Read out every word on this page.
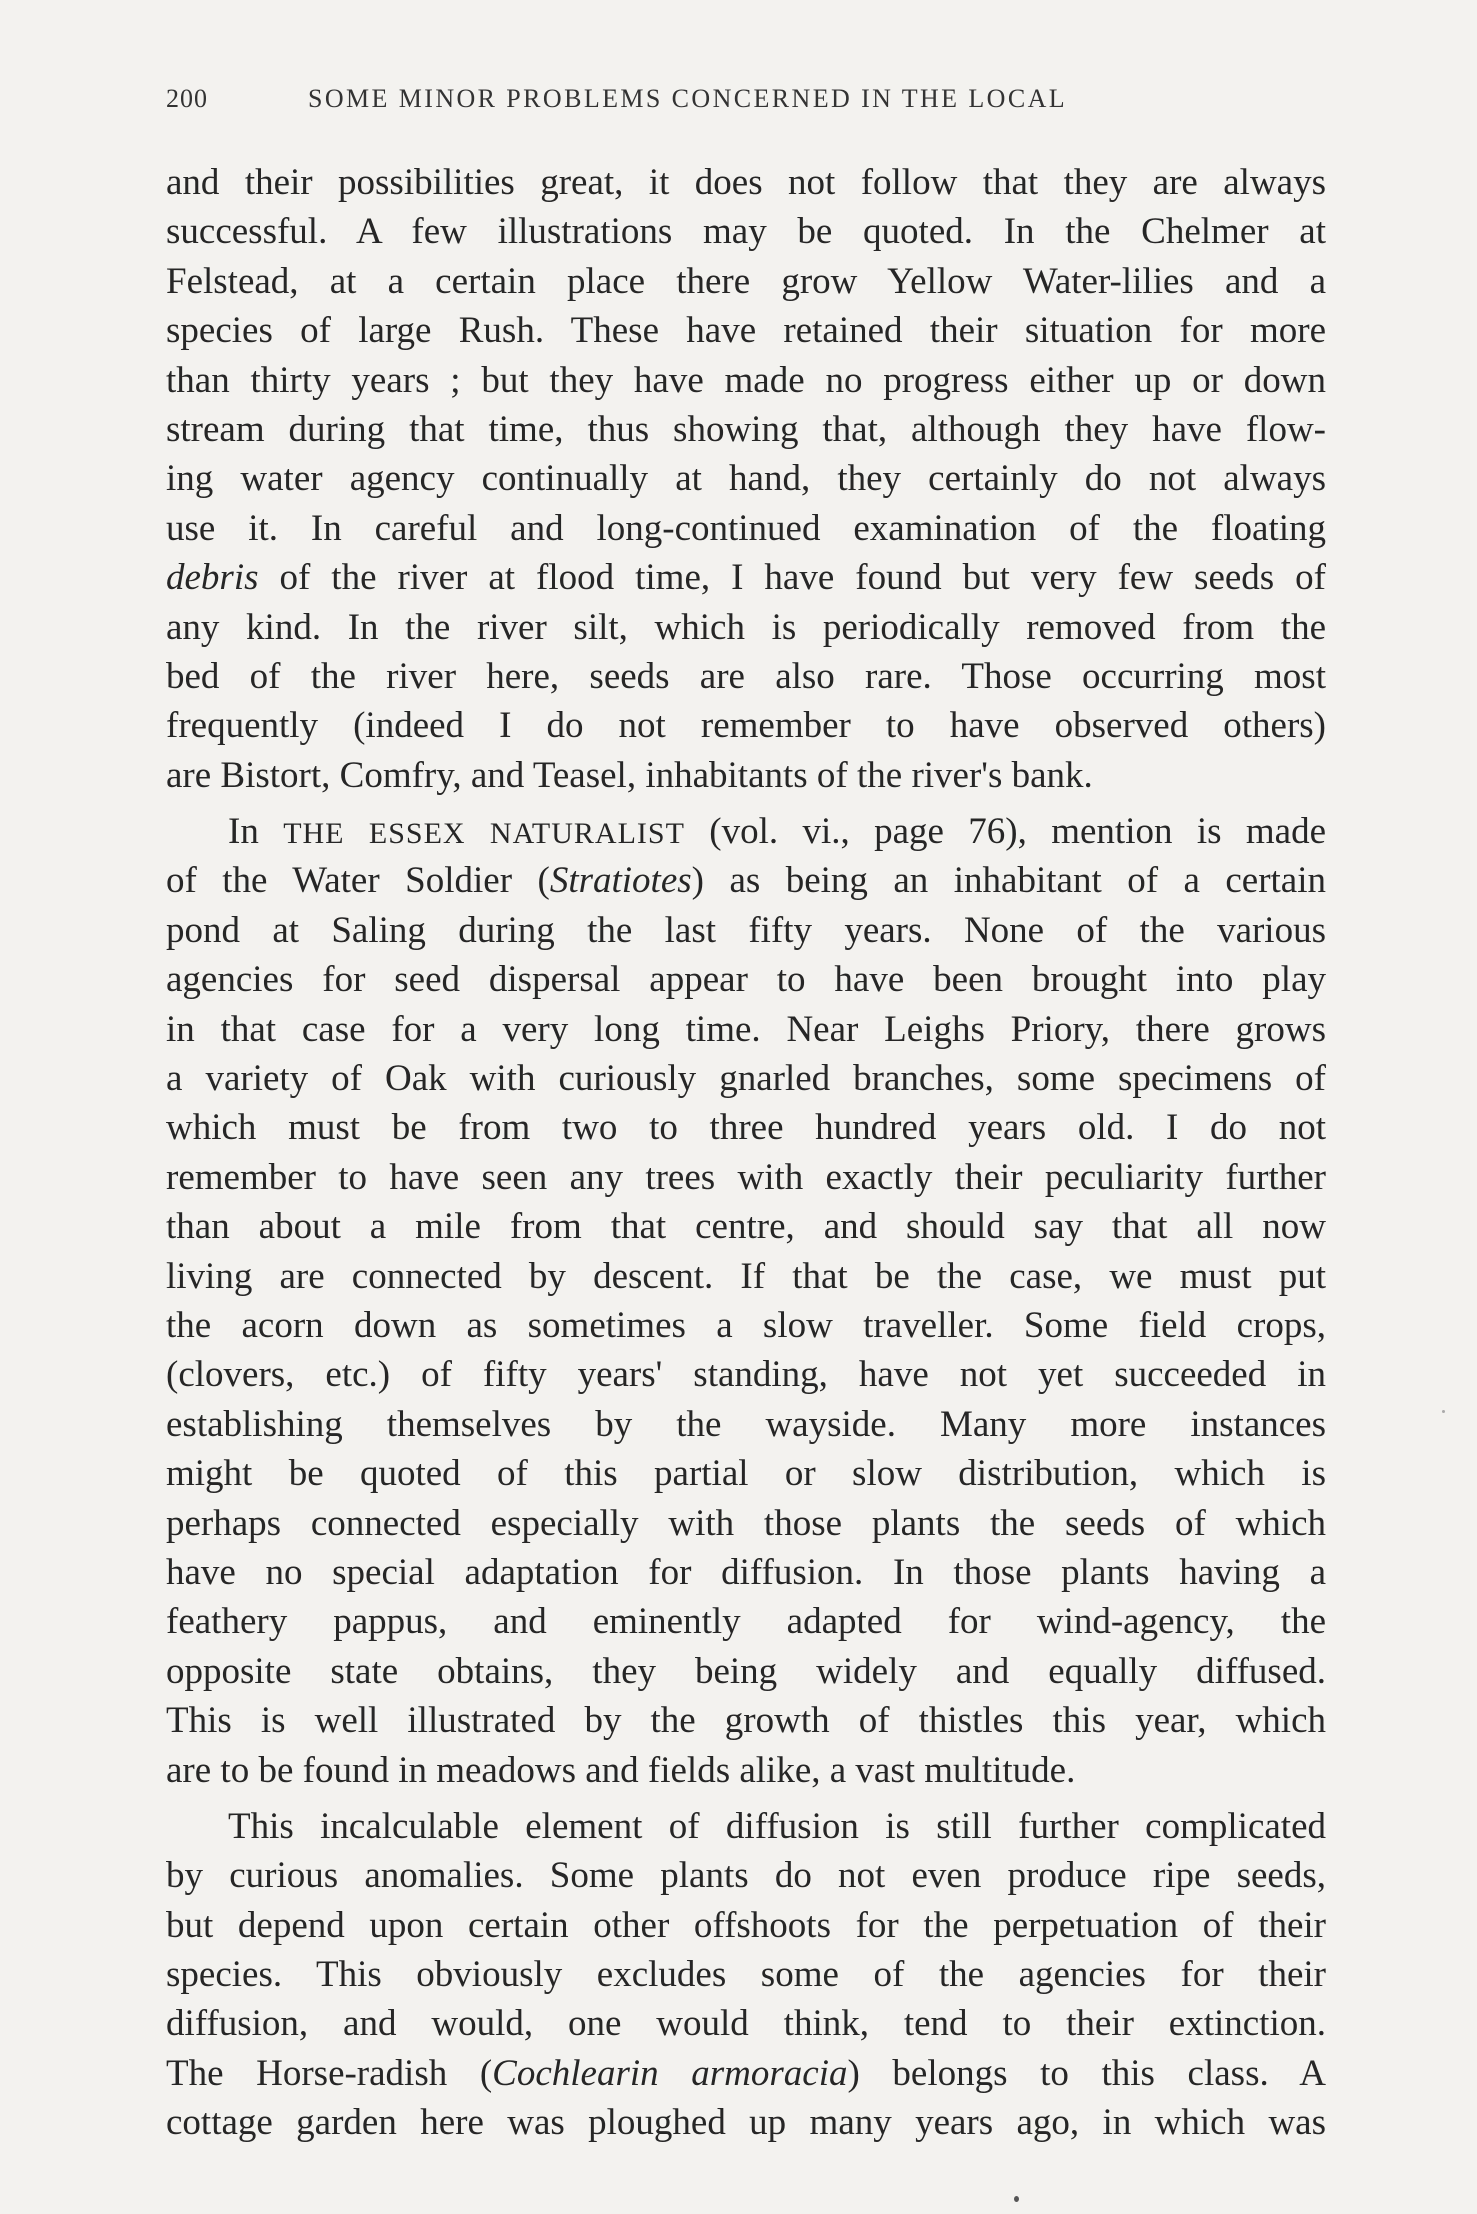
200	SOME MINOR PROBLEMS CONCERNED IN THE LOCAL
and their possibilities great, it does not follow that they are always
successful. A few illustrations may be quoted. In the Chelmer at
Felstead, at a certain place there grow Yellow Water-lilies and a
species of large Rush. These have retained their situation for more
than thirty years ; but they have made no progress either up or down
stream during that time, thus showing that, although they have flow-
ing water agency continually at hand, they certainly do not always
use it. In careful and long-continued examination of the floating
debris of the river at flood time, I have found but very few seeds of
any kind. In the river silt, which is periodically removed from the
bed of the river here, seeds are also rare. Those occurring most
frequently (indeed I do not remember to have observed others)
are Bistort, Comfry, and Teasel, inhabitants of the river's bank.
In THE ESSEX NATURALIST (vol. vi., page 76), mention is made
of the Water Soldier (Stratiotes) as being an inhabitant of a certain
pond at Saling during the last fifty years. None of the various
agencies for seed dispersal appear to have been brought into play
in that case for a very long time. Near Leighs Priory, there grows
a variety of Oak with curiously gnarled branches, some specimens of
which must be from two to three hundred years old. I do not
remember to have seen any trees with exactly their peculiarity further
than about a mile from that centre, and should say that all now
living are connected by descent. If that be the case, we must put
the acorn down as sometimes a slow traveller. Some field crops,
(clovers, etc.) of fifty years' standing, have not yet succeeded in
establishing themselves by the wayside. Many more instances
might be quoted of this partial or slow distribution, which is
perhaps connected especially with those plants the seeds of which
have no special adaptation for diffusion. In those plants having a
feathery pappus, and eminently adapted for wind-agency, the
opposite state obtains, they being widely and equally diffused.
This is well illustrated by the growth of thistles this year, which
are to be found in meadows and fields alike, a vast multitude.
This incalculable element of diffusion is still further complicated
by curious anomalies. Some plants do not even produce ripe seeds,
but depend upon certain other offshoots for the perpetuation of their
species. This obviously excludes some of the agencies for their
diffusion, and would, one would think, tend to their extinction.
The Horse-radish (Cochlearin armoracia) belongs to this class. A
cottage garden here was ploughed up many years ago, in which was
